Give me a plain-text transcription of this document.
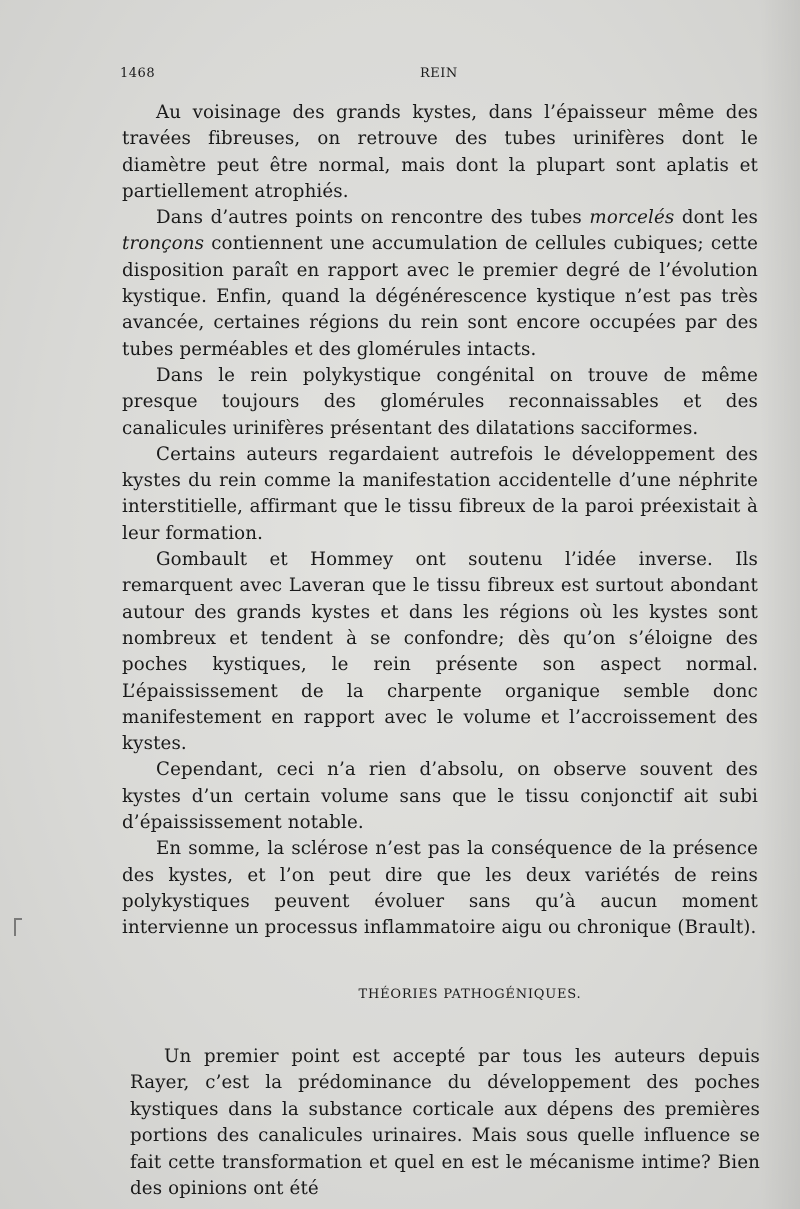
1468	REIN

Au voisinage des grands kystes, dans l’épaisseur même des travées fibreuses, on retrouve des tubes urinifères dont le diamètre peut être normal, mais dont la plupart sont aplatis et partiellement atrophiés.

Dans d’autres points on rencontre des tubes morcelés dont les tronçons contiennent une accumulation de cellules cubiques; cette disposition paraît en rapport avec le premier degré de l’évolution kystique. Enfin, quand la dégénérescence kystique n’est pas très avancée, certaines régions du rein sont encore occupées par des tubes perméables et des glomérules intacts.

Dans le rein polykystique congénital on trouve de même presque toujours des glomérules reconnaissables et des canalicules urinifères présentant des dilatations sacciformes.

Certains auteurs regardaient autrefois le développement des kystes du rein comme la manifestation accidentelle d’une néphrite interstitielle, affirmant que le tissu fibreux de la paroi préexistait à leur formation.

Gombault et Hommey ont soutenu l’idée inverse. Ils remarquent avec Laveran que le tissu fibreux est surtout abondant autour des grands kystes et dans les régions où les kystes sont nombreux et tendent à se confondre; dès qu’on s’éloigne des poches kystiques, le rein présente son aspect normal. L’épaississement de la charpente organique semble donc manifestement en rapport avec le volume et l’accroissement des kystes.

Cependant, ceci n’a rien d’absolu, on observe souvent des kystes d’un certain volume sans que le tissu conjonctif ait subi d’épaississement notable.

En somme, la sclérose n’est pas la conséquence de la présence des kystes, et l’on peut dire que les deux variétés de reins polykystiques peuvent évoluer sans qu’à aucun moment intervienne un processus inflammatoire aigu ou chronique (Brault).

THÉORIES PATHOGÉNIQUES.

Un premier point est accepté par tous les auteurs depuis Rayer, c’est la prédominance du développement des poches kystiques dans la substance corticale aux dépens des premières portions des canalicules urinaires. Mais sous quelle influence se fait cette transformation et quel en est le mécanisme intime? Bien des opinions ont été
